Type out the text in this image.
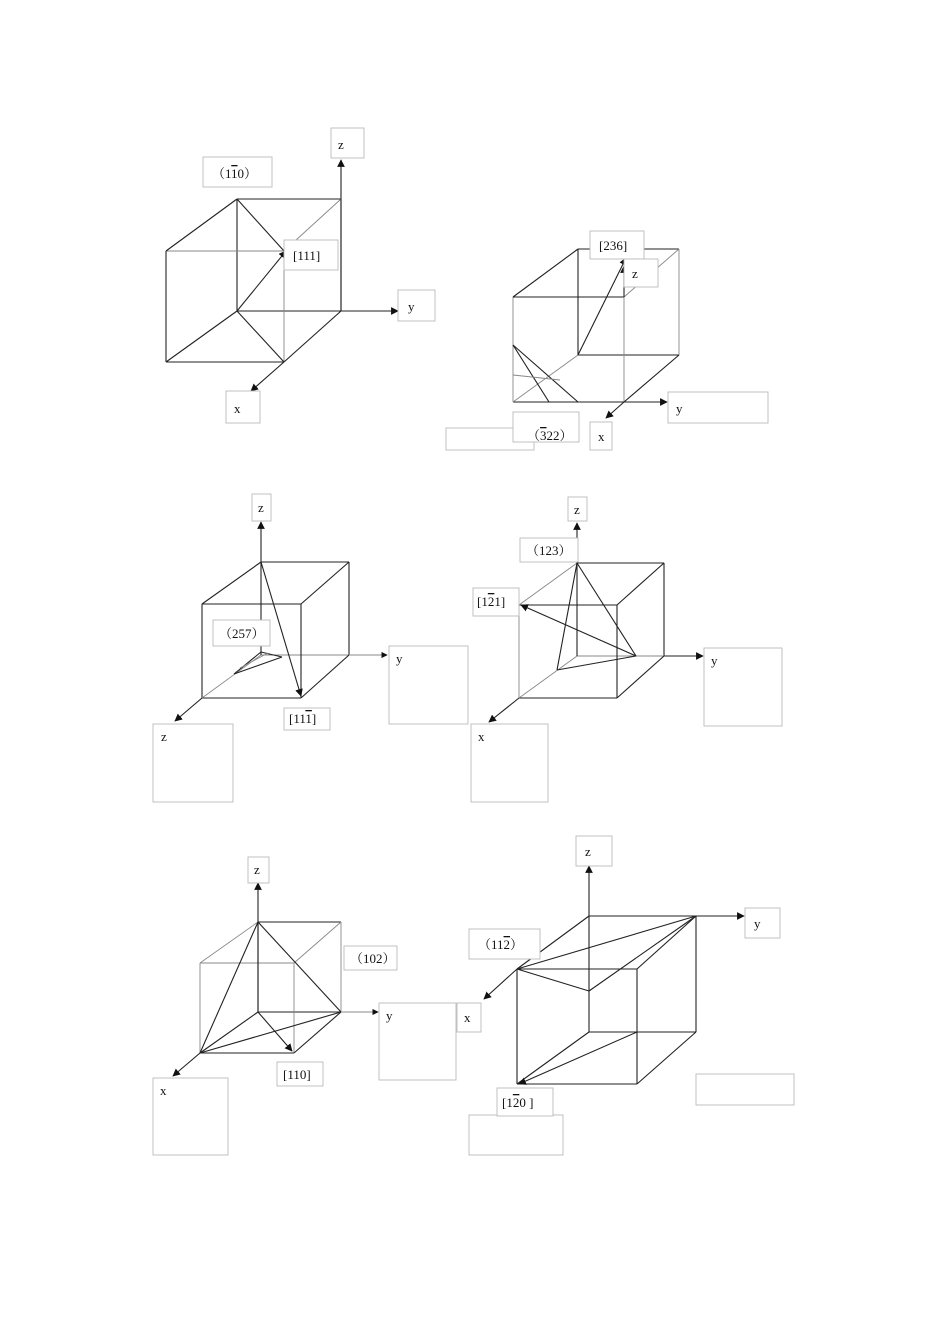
（110）
[111]
z
y
x
[236]
z
y
x
（322）
z
（257）
y
[111]
z
z
（123）
[121]
y
x
z
（102）
y
[110]
x
z
y
（112）
x
[120 ]
